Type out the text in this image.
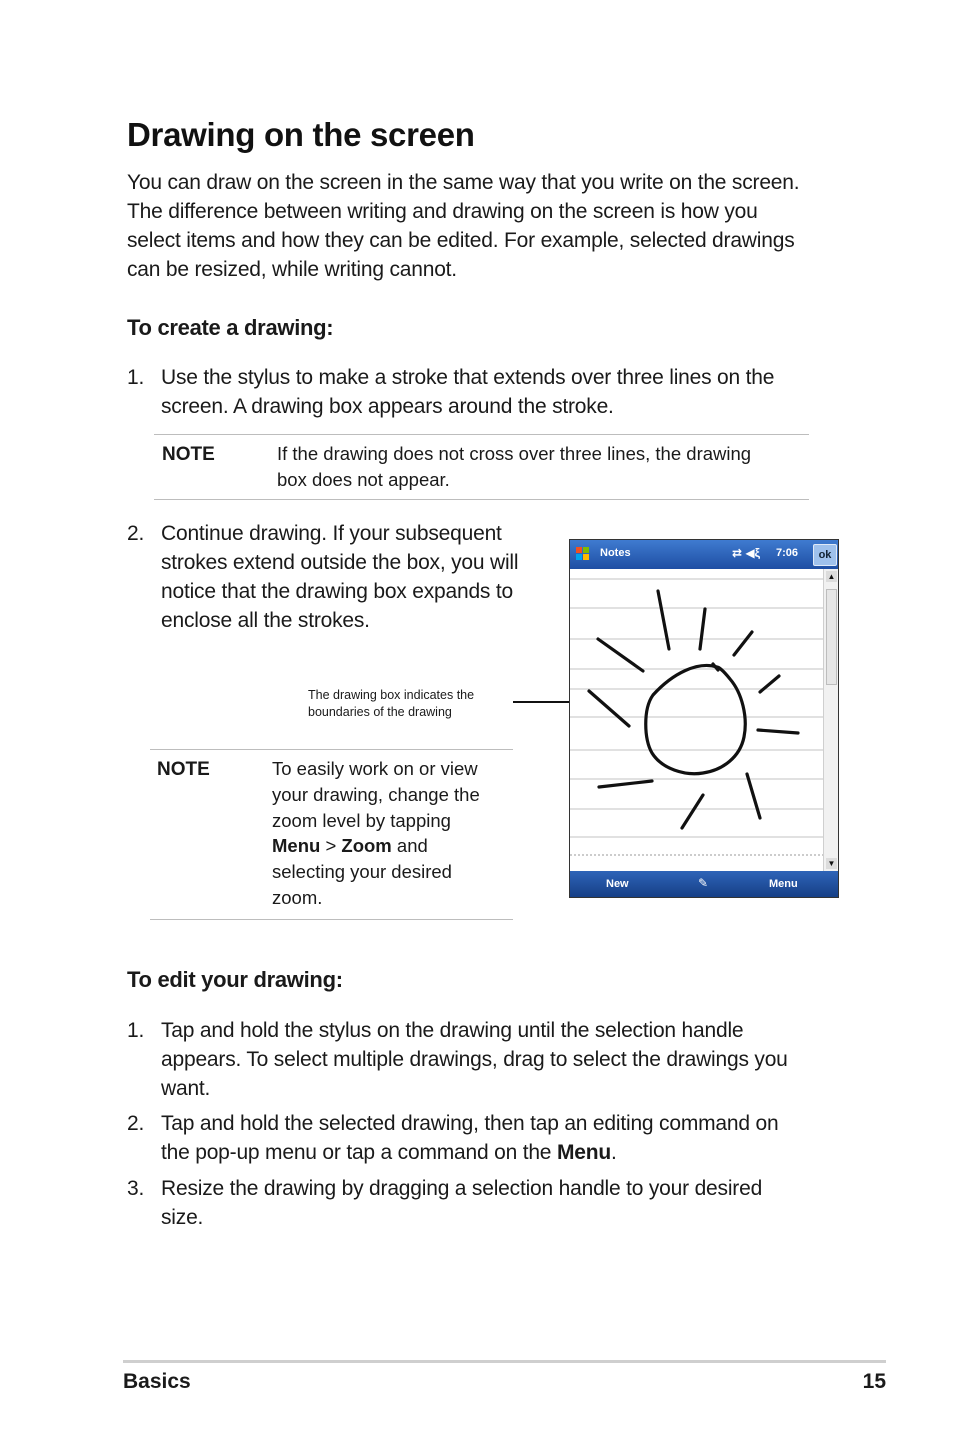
Drawing on the screen
You can draw on the screen in the same way that you write on the screen.
The difference between writing and drawing on the screen is how you
select items and how they can be edited. For example, selected drawings
can be resized, while writing cannot.
To create a drawing:
1. Use the stylus to make a stroke that extends over three lines on the
screen. A drawing box appears around the stroke.
NOTE	If the drawing does not cross over three lines, the drawing
box does not appear.
2. Continue drawing. If your subsequent
strokes extend outside the box, you will
notice that the drawing box expands to
enclose all the strokes.
The drawing box indicates the
boundaries of the drawing
NOTE	To easily work on or view
your drawing, change the
zoom level by tapping
Menu > Zoom and
selecting your desired
zoom.
Notes	⇄ ◀ξ 7:06	ok
▲
▼
New	✎	Menu
To edit your drawing:
1. Tap and hold the stylus on the drawing until the selection handle
appears. To select multiple drawings, drag to select the drawings you
want.
2. Tap and hold the selected drawing, then tap an editing command on
the pop-up menu or tap a command on the Menu.
3. Resize the drawing by dragging a selection handle to your desired
size.
Basics	15
